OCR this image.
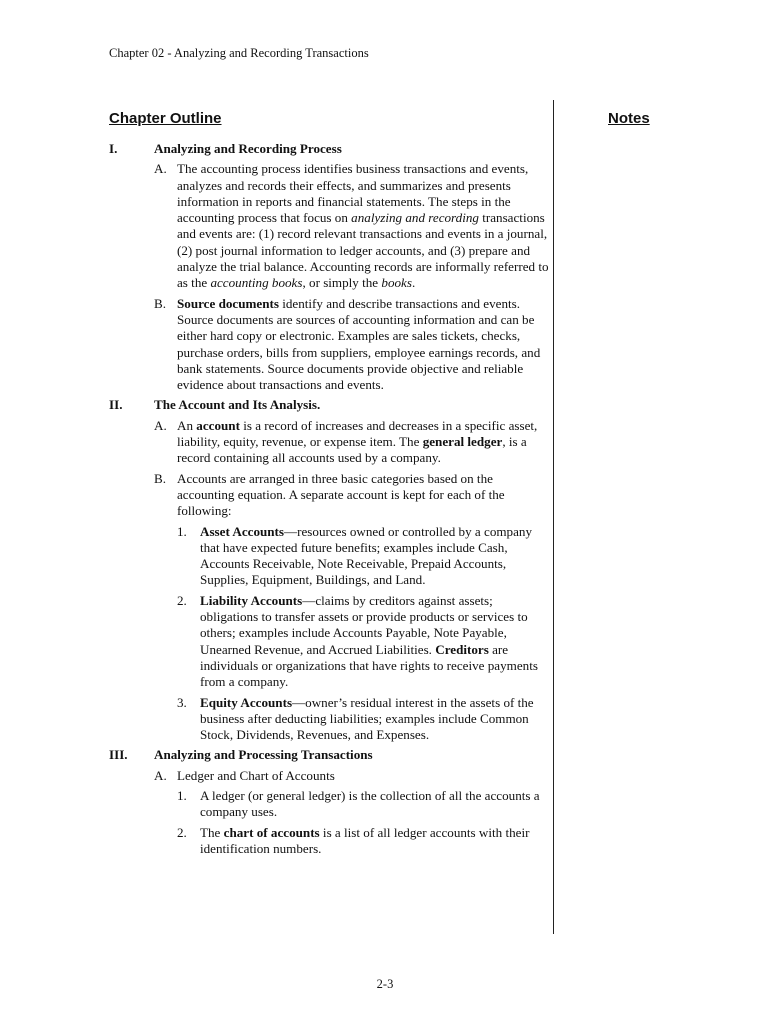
Chapter 02 - Analyzing and Recording Transactions
Chapter Outline	Notes
I.	Analyzing and Recording Process
A. The accounting process identifies business transactions and events, analyzes and records their effects, and summarizes and presents information in reports and financial statements. The steps in the accounting process that focus on analyzing and recording transactions and events are: (1) record relevant transactions and events in a journal, (2) post journal information to ledger accounts, and (3) prepare and analyze the trial balance. Accounting records are informally referred to as the accounting books, or simply the books.
B. Source documents identify and describe transactions and events. Source documents are sources of accounting information and can be either hard copy or electronic. Examples are sales tickets, checks, purchase orders, bills from suppliers, employee earnings records, and bank statements. Source documents provide objective and reliable evidence about transactions and events.
II. The Account and Its Analysis.
A. An account is a record of increases and decreases in a specific asset, liability, equity, revenue, or expense item. The general ledger, is a record containing all accounts used by a company.
B. Accounts are arranged in three basic categories based on the accounting equation. A separate account is kept for each of the following:
1. Asset Accounts—resources owned or controlled by a company that have expected future benefits; examples include Cash, Accounts Receivable, Note Receivable, Prepaid Accounts, Supplies, Equipment, Buildings, and Land.
2. Liability Accounts—claims by creditors against assets; obligations to transfer assets or provide products or services to others; examples include Accounts Payable, Note Payable, Unearned Revenue, and Accrued Liabilities. Creditors are individuals or organizations that have rights to receive payments from a company.
3. Equity Accounts—owner’s residual interest in the assets of the business after deducting liabilities; examples include Common Stock, Dividends, Revenues, and Expenses.
III. Analyzing and Processing Transactions
A. Ledger and Chart of Accounts
1. A ledger (or general ledger) is the collection of all the accounts a company uses.
2. The chart of accounts is a list of all ledger accounts with their identification numbers.
2-3
